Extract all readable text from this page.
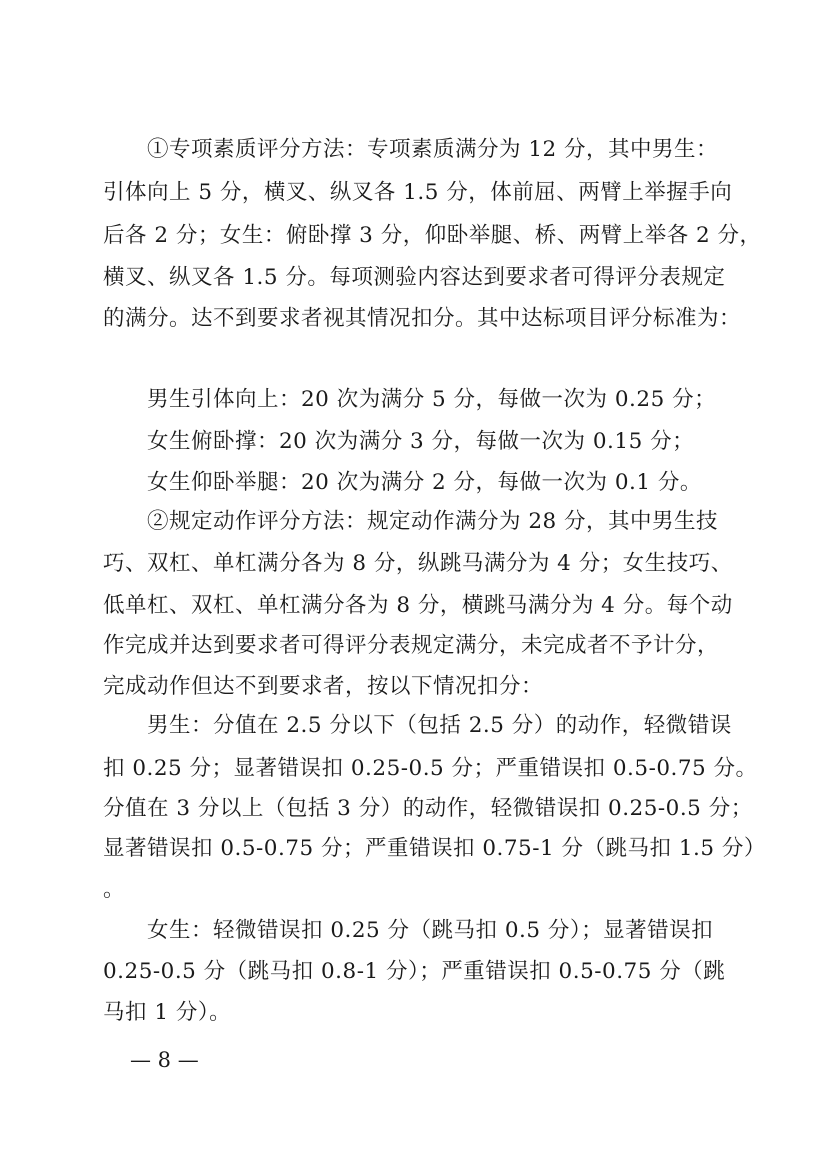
①专项素质评分方法：专项素质满分为 12 分，其中男生：
引体向上 5 分，横叉、纵叉各 1.5 分，体前屈、两臂上举握手向
后各 2 分；女生：俯卧撑 3 分，仰卧举腿、桥、两臂上举各 2 分，
横叉、纵叉各 1.5 分。每项测验内容达到要求者可得评分表规定
的满分。达不到要求者视其情况扣分。其中达标项目评分标准为：
男生引体向上：20 次为满分 5 分，每做一次为 0.25 分；
女生俯卧撑：20 次为满分 3 分，每做一次为 0.15 分；
女生仰卧举腿：20 次为满分 2 分，每做一次为 0.1 分。
②规定动作评分方法：规定动作满分为 28 分，其中男生技
巧、双杠、单杠满分各为 8 分，纵跳马满分为 4 分；女生技巧、
低单杠、双杠、单杠满分各为 8 分，横跳马满分为 4 分。每个动
作完成并达到要求者可得评分表规定满分，未完成者不予计分，
完成动作但达不到要求者，按以下情况扣分：
男生：分值在 2.5 分以下（包括 2.5 分）的动作，轻微错误
扣 0.25 分；显著错误扣 0.25-0.5 分；严重错误扣 0.5-0.75 分。
分值在 3 分以上（包括 3 分）的动作，轻微错误扣 0.25-0.5 分；
显著错误扣 0.5-0.75 分；严重错误扣 0.75-1 分（跳马扣 1.5 分）
。
女生：轻微错误扣 0.25 分（跳马扣 0.5 分）；显著错误扣
0.25-0.5 分（跳马扣 0.8-1 分）；严重错误扣 0.5-0.75 分（跳
马扣 1 分）。
— 8 —
